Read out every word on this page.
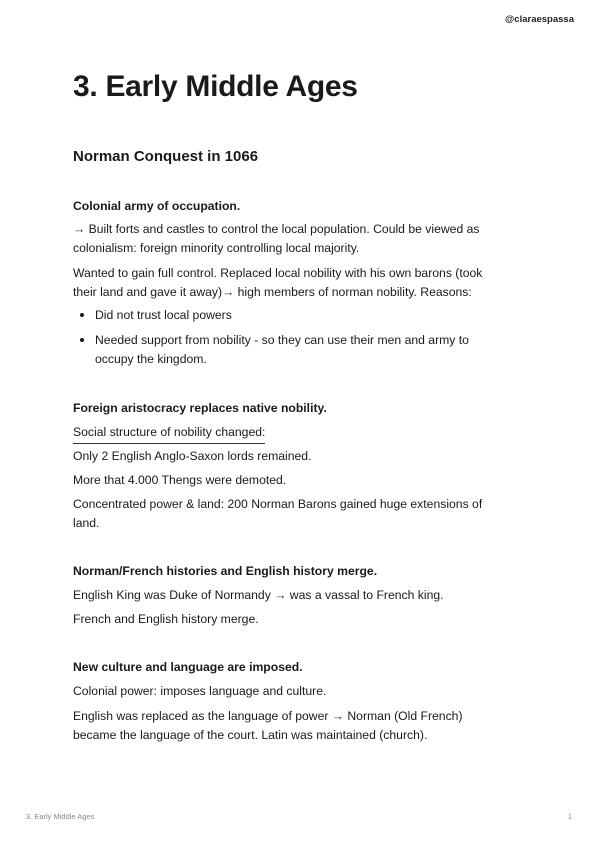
@claraespassa
3. Early Middle Ages
Norman Conquest in 1066

Colonial army of occupation.

→ Built forts and castles to control the local population. Could be viewed as

colonialism: foreign minority controlling local majority.

Wanted to gain full control. Replaced local nobility with his own barons (took

their land and gave it away)→ high members of norman nobility. Reasons:

Did not trust local powers
Needed support from nobility - so they can use their men and army to
occupy the kingdom.

Foreign aristocracy replaces native nobility.

Social structure of nobility changed:

Only 2 English Anglo-Saxon lords remained.

More that 4.000 Thengs were demoted.

Concentrated power & land: 200 Norman Barons gained huge extensions of

land.

Norman/French histories and English history merge.

English King was Duke of Normandy → was a vassal to French king.

French and English history merge.

New culture and language are imposed.

Colonial power: imposes language and culture.

English was replaced as the language of power → Norman (Old French)

became the language of the court. Latin was maintained (church).

3. Early Middle Ages	1
